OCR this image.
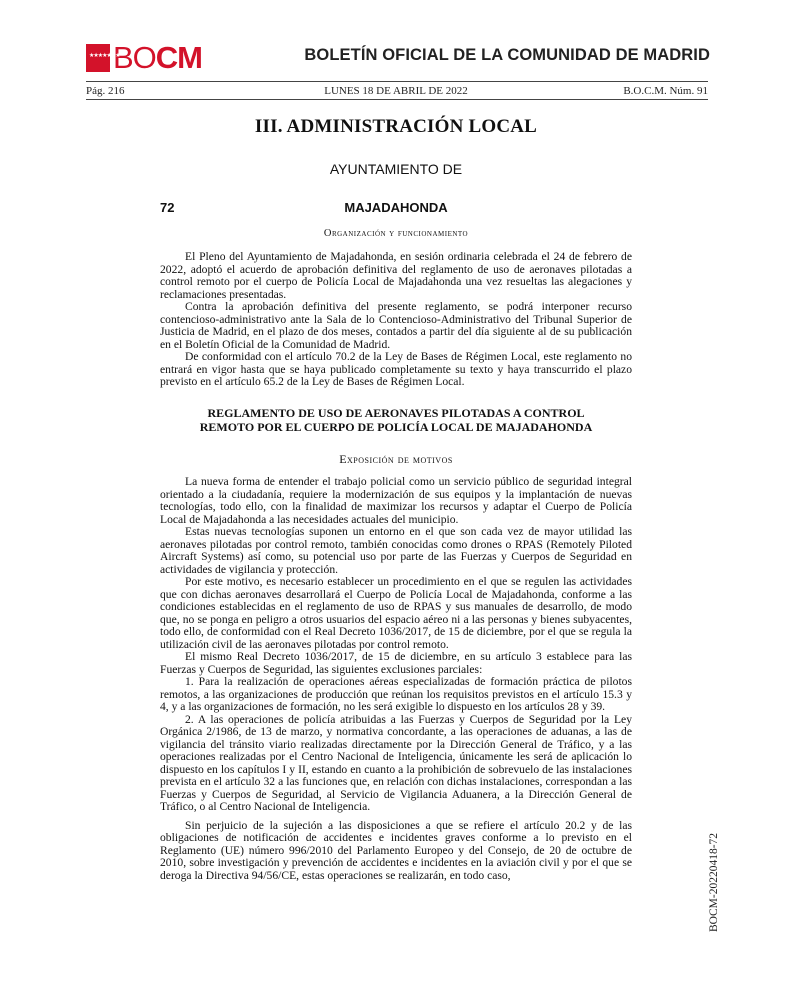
★★★★★★★
BO CM	BOLETÍN OFICIAL DE LA COMUNIDAD DE MADRID
Pág. 216	LUNES 18 DE ABRIL DE 2022	B.O.C.M. Núm. 91
III. ADMINISTRACIÓN LOCAL
AYUNTAMIENTO DE
72	MAJADAHONDA
Organización y funcionamiento

El Pleno del Ayuntamiento de Majadahonda, en sesión ordinaria celebrada el 24 de febrero de 2022, adoptó el acuerdo de aprobación definitiva del reglamento de uso de aeronaves pilotadas a control remoto por el cuerpo de Policía Local de Majadahonda una vez resueltas las alegaciones y reclamaciones presentadas.

Contra la aprobación definitiva del presente reglamento, se podrá interponer recurso contencioso-administrativo ante la Sala de lo Contencioso-Administrativo del Tribunal Superior de Justicia de Madrid, en el plazo de dos meses, contados a partir del día siguiente al de su publicación en el Boletín Oficial de la Comunidad de Madrid.

De conformidad con el artículo 70.2 de la Ley de Bases de Régimen Local, este reglamento no entrará en vigor hasta que se haya publicado completamente su texto y haya transcurrido el plazo previsto en el artículo 65.2 de la Ley de Bases de Régimen Local.

REGLAMENTO DE USO DE AERONAVES PILOTADAS A CONTROL
REMOTO POR EL CUERPO DE POLICÍA LOCAL DE MAJADAHONDA
Exposición de motivos

La nueva forma de entender el trabajo policial como un servicio público de seguridad integral orientado a la ciudadanía, requiere la modernización de sus equipos y la implantación de nuevas tecnologías, todo ello, con la finalidad de maximizar los recursos y adaptar el Cuerpo de Policía Local de Majadahonda a las necesidades actuales del municipio.

Estas nuevas tecnologías suponen un entorno en el que son cada vez de mayor utilidad las aeronaves pilotadas por control remoto, también conocidas como drones o RPAS (Remotely Piloted Aircraft Systems) así como, su potencial uso por parte de las Fuerzas y Cuerpos de Seguridad en actividades de vigilancia y protección.

Por este motivo, es necesario establecer un procedimiento en el que se regulen las actividades que con dichas aeronaves desarrollará el Cuerpo de Policía Local de Majadahonda, conforme a las condiciones establecidas en el reglamento de uso de RPAS y sus manuales de desarrollo, de modo que, no se ponga en peligro a otros usuarios del espacio aéreo ni a las personas y bienes subyacentes, todo ello, de conformidad con el Real Decreto 1036/2017, de 15 de diciembre, por el que se regula la utilización civil de las aeronaves pilotadas por control remoto.

El mismo Real Decreto 1036/2017, de 15 de diciembre, en su artículo 3 establece para las Fuerzas y Cuerpos de Seguridad, las siguientes exclusiones parciales:

1. Para la realización de operaciones aéreas especializadas de formación práctica de pilotos remotos, a las organizaciones de producción que reúnan los requisitos previstos en el artículo 15.3 y 4, y a las organizaciones de formación, no les será exigible lo dispuesto en los artículos 28 y 39.

2. A las operaciones de policía atribuidas a las Fuerzas y Cuerpos de Seguridad por la Ley Orgánica 2/1986, de 13 de marzo, y normativa concordante, a las operaciones de aduanas, a las de vigilancia del tránsito viario realizadas directamente por la Dirección General de Tráfico, y a las operaciones realizadas por el Centro Nacional de Inteligencia, únicamente les será de aplicación lo dispuesto en los capítulos I y II, estando en cuanto a la prohibición de sobrevuelo de las instalaciones prevista en el artículo 32 a las funciones que, en relación con dichas instalaciones, correspondan a las Fuerzas y Cuerpos de Seguridad, al Servicio de Vigilancia Aduanera, a la Dirección General de Tráfico, o al Centro Nacional de Inteligencia.

Sin perjuicio de la sujeción a las disposiciones a que se refiere el artículo 20.2 y de las obligaciones de notificación de accidentes e incidentes graves conforme a lo previsto en el Reglamento (UE) número 996/2010 del Parlamento Europeo y del Consejo, de 20 de octubre de 2010, sobre investigación y prevención de accidentes e incidentes en la aviación civil y por el que se deroga la Directiva 94/56/CE, estas operaciones se realizarán, en todo caso,	BOCM-20220418-72
